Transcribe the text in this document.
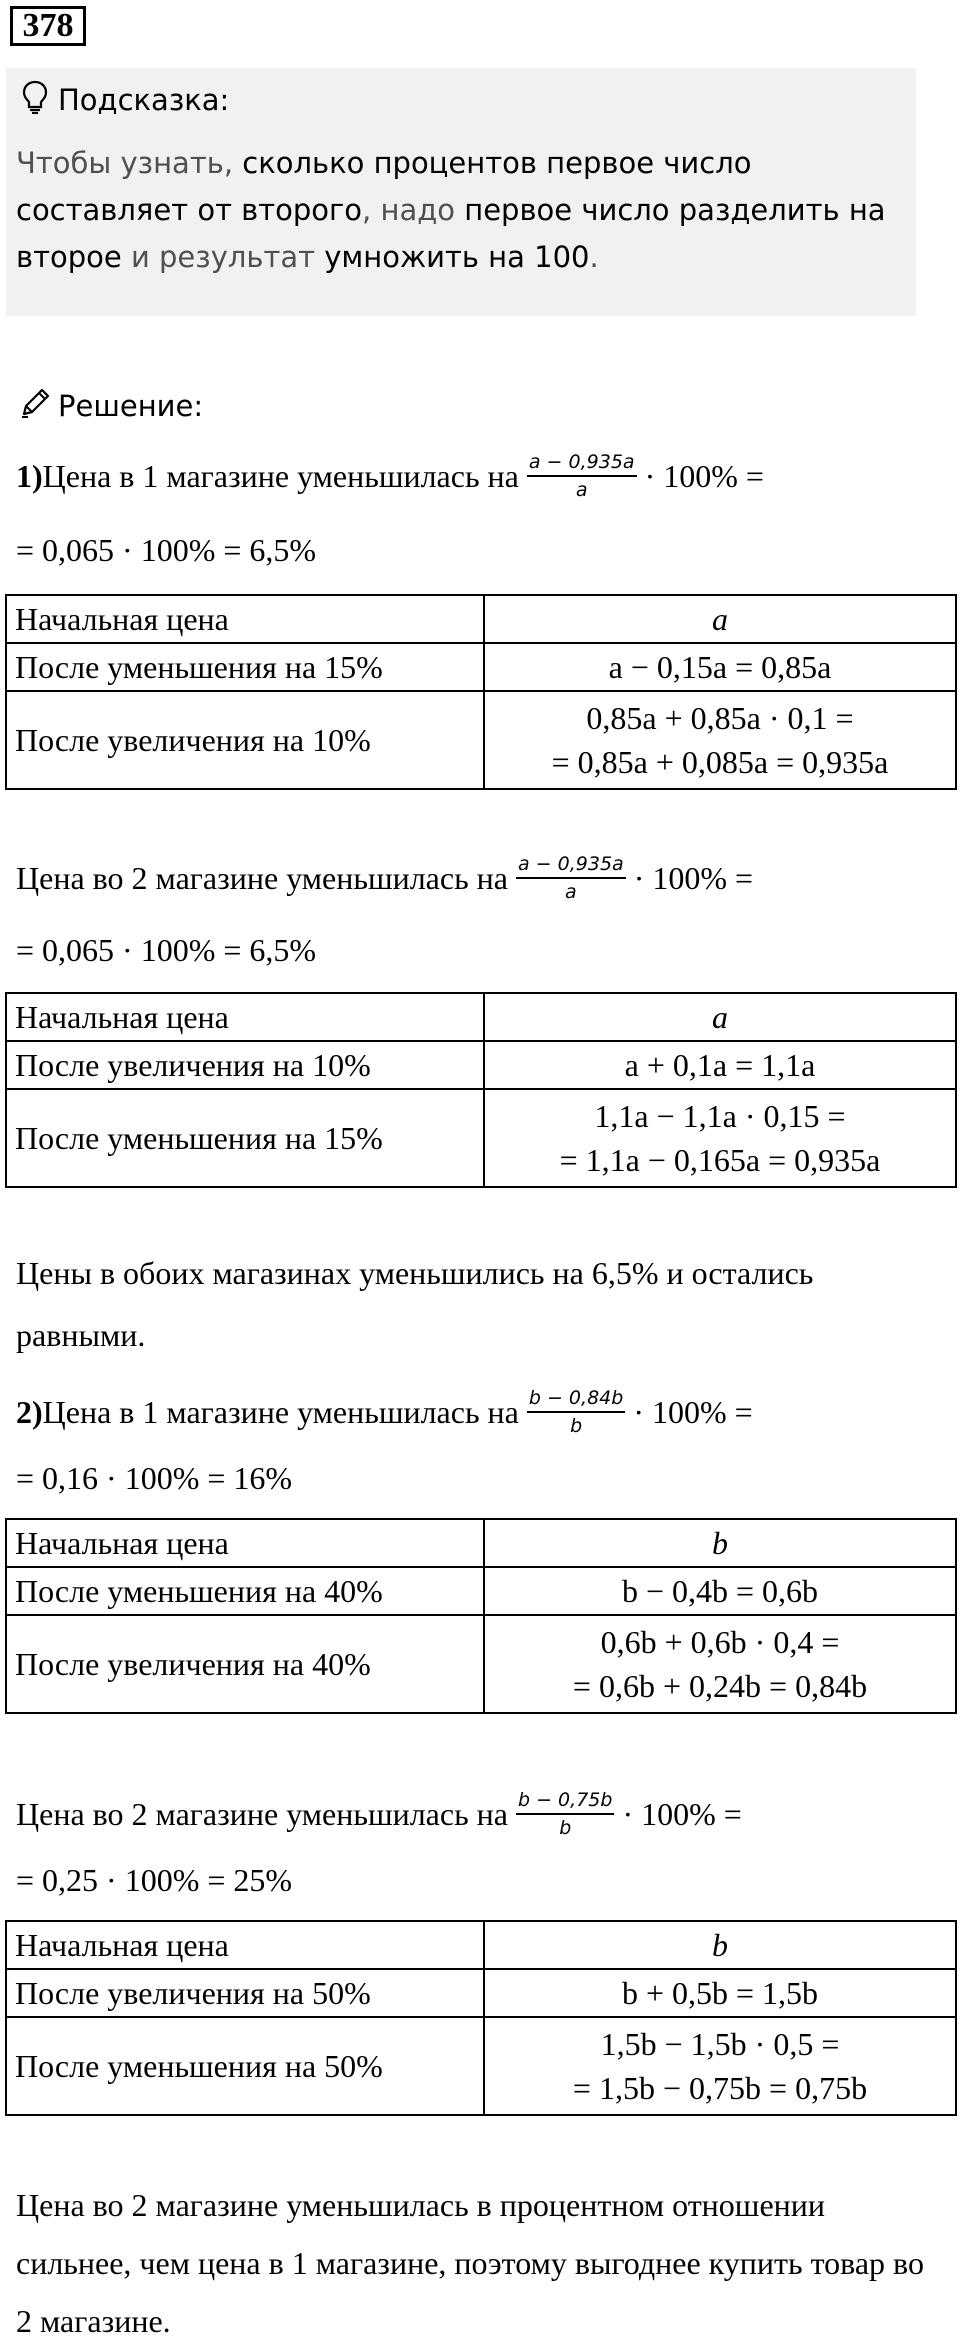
378
Подсказка:
Чтобы узнать, сколько процентов первое число составляет от второго, надо первое число разделить на второе и результат умножить на 100.
Решение:
1) Цена в 1 магазине уменьшилась на $\frac{a - 0,935a}{a} \cdot 100\%$ =
= 0,065 · 100% = 6,5%
Начальная цена	a
После уменьшения на 15%	a − 0,15a = 0,85a
После увеличения на 10%	0,85a + 0,85a · 0,1 =
= 0,85a + 0,085a = 0,935a
Цена во 2 магазине уменьшилась на $\frac{a - 0,935a}{a} \cdot 100\%$ =
= 0,065 · 100% = 6,5%
Начальная цена	a
После увеличения на 10%	a + 0,1a = 1,1a
После уменьшения на 15%	1,1a − 1,1a · 0,15 =
= 1,1a − 0,165a = 0,935a
Цены в обоих магазинах уменьшились на 6,5% и остались равными.
2) Цена в 1 магазине уменьшилась на $\frac{b - 0,84b}{b} \cdot 100\%$ =
= 0,16 · 100% = 16%
Начальная цена	b
После уменьшения на 40%	b − 0,4b = 0,6b
После увеличения на 40%	0,6b + 0,6b · 0,4 =
= 0,6b + 0,24b = 0,84b
Цена во 2 магазине уменьшилась на $\frac{b - 0,75b}{b} \cdot 100\%$ =
= 0,25 · 100% = 25%
Начальная цена	b
После увеличения на 50%	b + 0,5b = 1,5b
После уменьшения на 50%	1,5b − 1,5b · 0,5 =
= 1,5b − 0,75b = 0,75b
Цена во 2 магазине уменьшилась в процентном отношении сильнее, чем цена в 1 магазине, поэтому выгоднее купить товар во 2 магазине.
